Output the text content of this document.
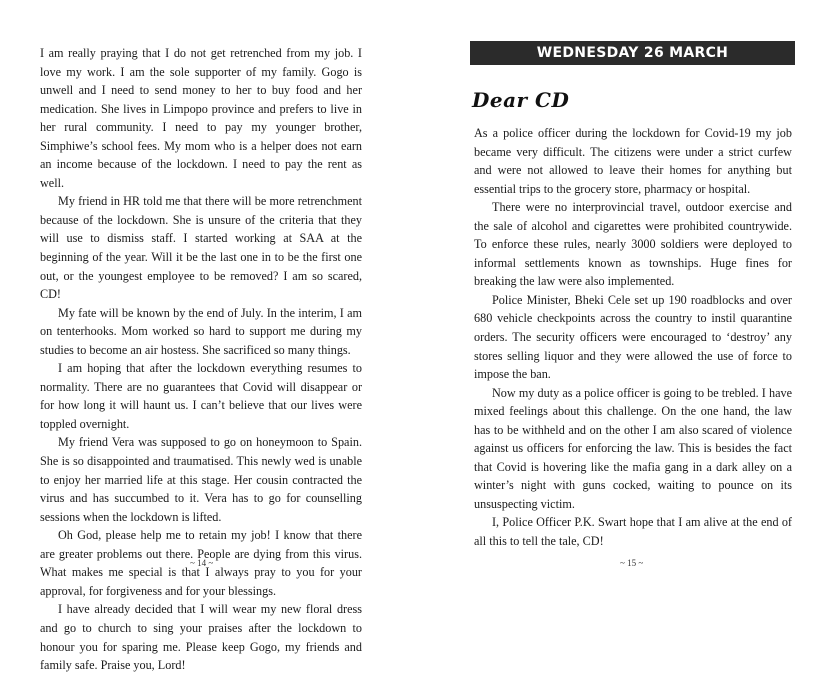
I am really praying that I do not get retrenched from my job. I love my work. I am the sole supporter of my family. Gogo is unwell and I need to send money to her to buy food and her medication. She lives in Limpopo province and prefers to live in her rural community. I need to pay my younger brother, Simphiwe’s school fees. My mom who is a helper does not earn an income because of the lockdown. I need to pay the rent as well.

My friend in HR told me that there will be more retrenchment because of the lockdown. She is unsure of the criteria that they will use to dismiss staff. I started working at SAA at the beginning of the year. Will it be the last one in to be the first one out, or the youngest employee to be removed? I am so scared, CD!

My fate will be known by the end of July. In the interim, I am on tenterhooks. Mom worked so hard to support me during my studies to become an air hostess. She sacrificed so many things.

I am hoping that after the lockdown everything resumes to normality. There are no guarantees that Covid will disappear or for how long it will haunt us. I can’t believe that our lives were toppled overnight.

My friend Vera was supposed to go on honeymoon to Spain. She is so disappointed and traumatised. This newly wed is unable to enjoy her married life at this stage. Her cousin contracted the virus and has succumbed to it. Vera has to go for counselling sessions when the lockdown is lifted.

Oh God, please help me to retain my job! I know that there are greater problems out there. People are dying from this virus. What makes me special is that I always pray to you for your approval, for forgiveness and for your blessings.

I have already decided that I will wear my new floral dress and go to church to sing your praises after the lockdown to honour you for sparing me. Please keep Gogo, my friends and family safe. Praise you, Lord!

~ 14 ~
WEDNESDAY 26 MARCH
Dear CD

As a police officer during the lockdown for Covid-19 my job became very difficult. The citizens were under a strict curfew and were not allowed to leave their homes for anything but essential trips to the grocery store, pharmacy or hospital.

There were no interprovincial travel, outdoor exercise and the sale of alcohol and cigarettes were prohibited countrywide. To enforce these rules, nearly 3000 soldiers were deployed to informal settlements known as townships. Huge fines for breaking the law were also implemented.

Police Minister, Bheki Cele set up 190 roadblocks and over 680 vehicle checkpoints across the country to instil quarantine orders. The security officers were encouraged to ‘destroy’ any stores selling liquor and they were allowed the use of force to impose the ban.

Now my duty as a police officer is going to be trebled. I have mixed feelings about this challenge. On the one hand, the law has to be withheld and on the other I am also scared of violence against us officers for enforcing the law. This is besides the fact that Covid is hovering like the mafia gang in a dark alley on a winter’s night with guns cocked, waiting to pounce on its unsuspecting victim.

I, Police Officer P.K. Swart hope that I am alive at the end of all this to tell the tale, CD!

~ 15 ~
